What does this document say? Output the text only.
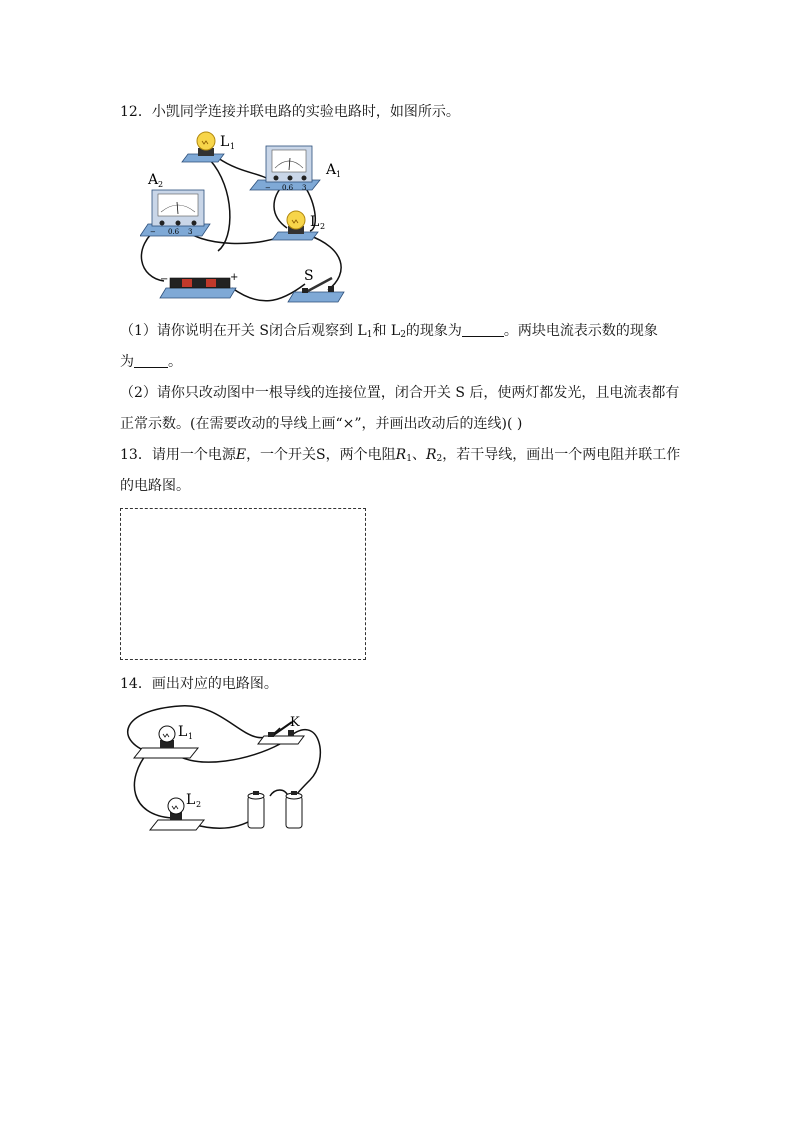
12．小凯同学连接并联电路的实验电路时，如图所示。
L 1
− 0.6 3
A 1
− 0.6 3
A 2
L 2
−	+	S
（1）请你说明在开关 S闭合后观察到 $L_1$和 $L_2$的现象为	。两块电流表示数的现象
为 。
（2）请你只改动图中一根导线的连接位置，闭合开关 S 后，使两灯都发光，且电流表都有
正常示数。(在需要改动的导线上画“×”，并画出改动后的连线)( )
13．请用一个电源E，一个开关S，两个电阻$R_1$、$R_2$，若干导线，画出一个两电阻并联工作
的电路图。
14．画出对应的电路图。
L 1
K
L 2
